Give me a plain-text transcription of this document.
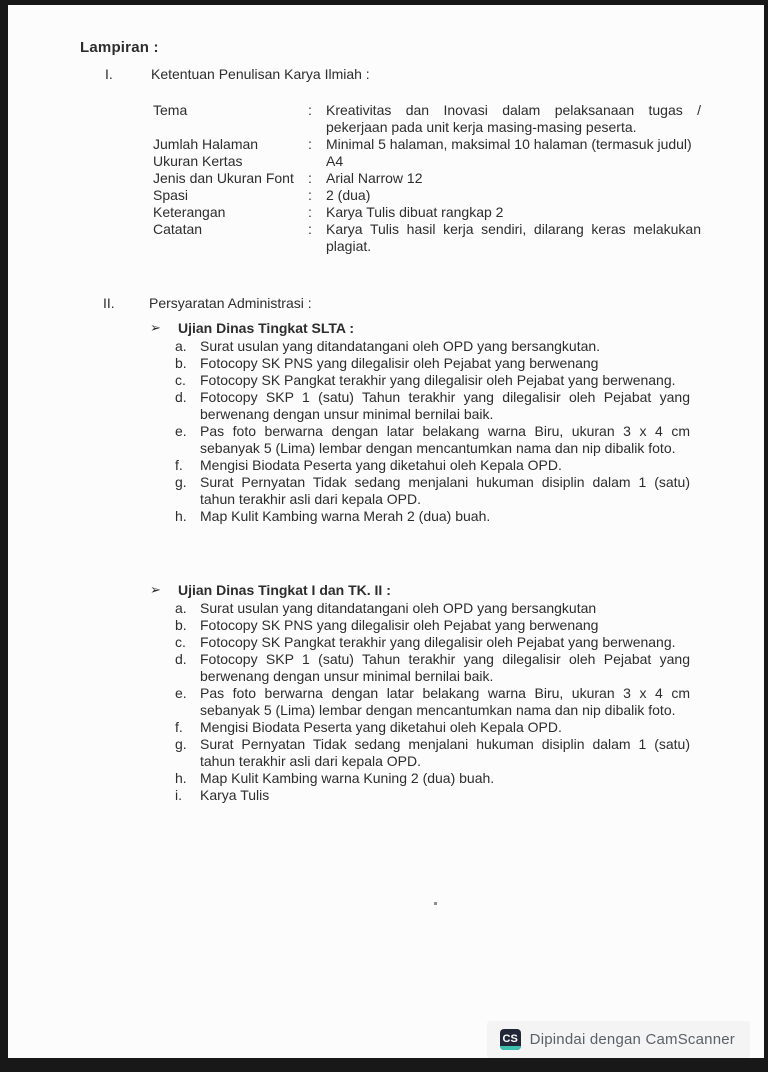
Lampiran :
I.	Ketentuan Penulisan Karya Ilmiah :
Tema	:	Kreativitas dan Inovasi dalam pelaksanaan tugas / pekerjaan pada unit kerja masing-masing peserta.
Jumlah Halaman	:	Minimal 5 halaman, maksimal 10 halaman (termasuk judul)
Ukuran Kertas	A4
Jenis dan Ukuran Font	:	Arial Narrow 12
Spasi	:	2 (dua)
Keterangan	:	Karya Tulis dibuat rangkap 2
Catatan	:	Karya Tulis hasil kerja sendiri, dilarang keras melakukan plagiat.
II.	Persyaratan Administrasi :
➢	Ujian Dinas Tingkat SLTA :
a. Surat usulan yang ditandatangani oleh OPD yang bersangkutan.
b. Fotocopy SK PNS yang dilegalisir oleh Pejabat yang berwenang
c.	Fotocopy SK Pangkat terakhir yang dilegalisir oleh Pejabat yang berwenang.
d. Fotocopy SKP 1 (satu) Tahun terakhir yang dilegalisir oleh Pejabat yang berwenang dengan unsur minimal bernilai baik.
e. Pas foto berwarna dengan latar belakang warna Biru, ukuran 3 x 4 cm sebanyak 5 (Lima) lembar dengan mencantumkan nama dan nip dibalik foto.
f.	Mengisi Biodata Peserta yang diketahui oleh Kepala OPD.
g. Surat Pernyatan Tidak sedang menjalani hukuman disiplin dalam 1 (satu) tahun terakhir asli dari kepala OPD.
h. Map Kulit Kambing warna Merah 2 (dua) buah.
➢	Ujian Dinas Tingkat I dan TK. II :
a. Surat usulan yang ditandatangani oleh OPD yang bersangkutan
b. Fotocopy SK PNS yang dilegalisir oleh Pejabat yang berwenang
c.	Fotocopy SK Pangkat terakhir yang dilegalisir oleh Pejabat yang berwenang.
d. Fotocopy SKP 1 (satu) Tahun terakhir yang dilegalisir oleh Pejabat yang berwenang dengan unsur minimal bernilai baik.
e. Pas foto berwarna dengan latar belakang warna Biru, ukuran 3 x 4 cm sebanyak 5 (Lima) lembar dengan mencantumkan nama dan nip dibalik foto.
f.	Mengisi Biodata Peserta yang diketahui oleh Kepala OPD.
g. Surat Pernyatan Tidak sedang menjalani hukuman disiplin dalam 1 (satu) tahun terakhir asli dari kepala OPD.
h. Map Kulit Kambing warna Kuning 2 (dua) buah.
i.	Karya Tulis
CS Dipindai dengan CamScanner
